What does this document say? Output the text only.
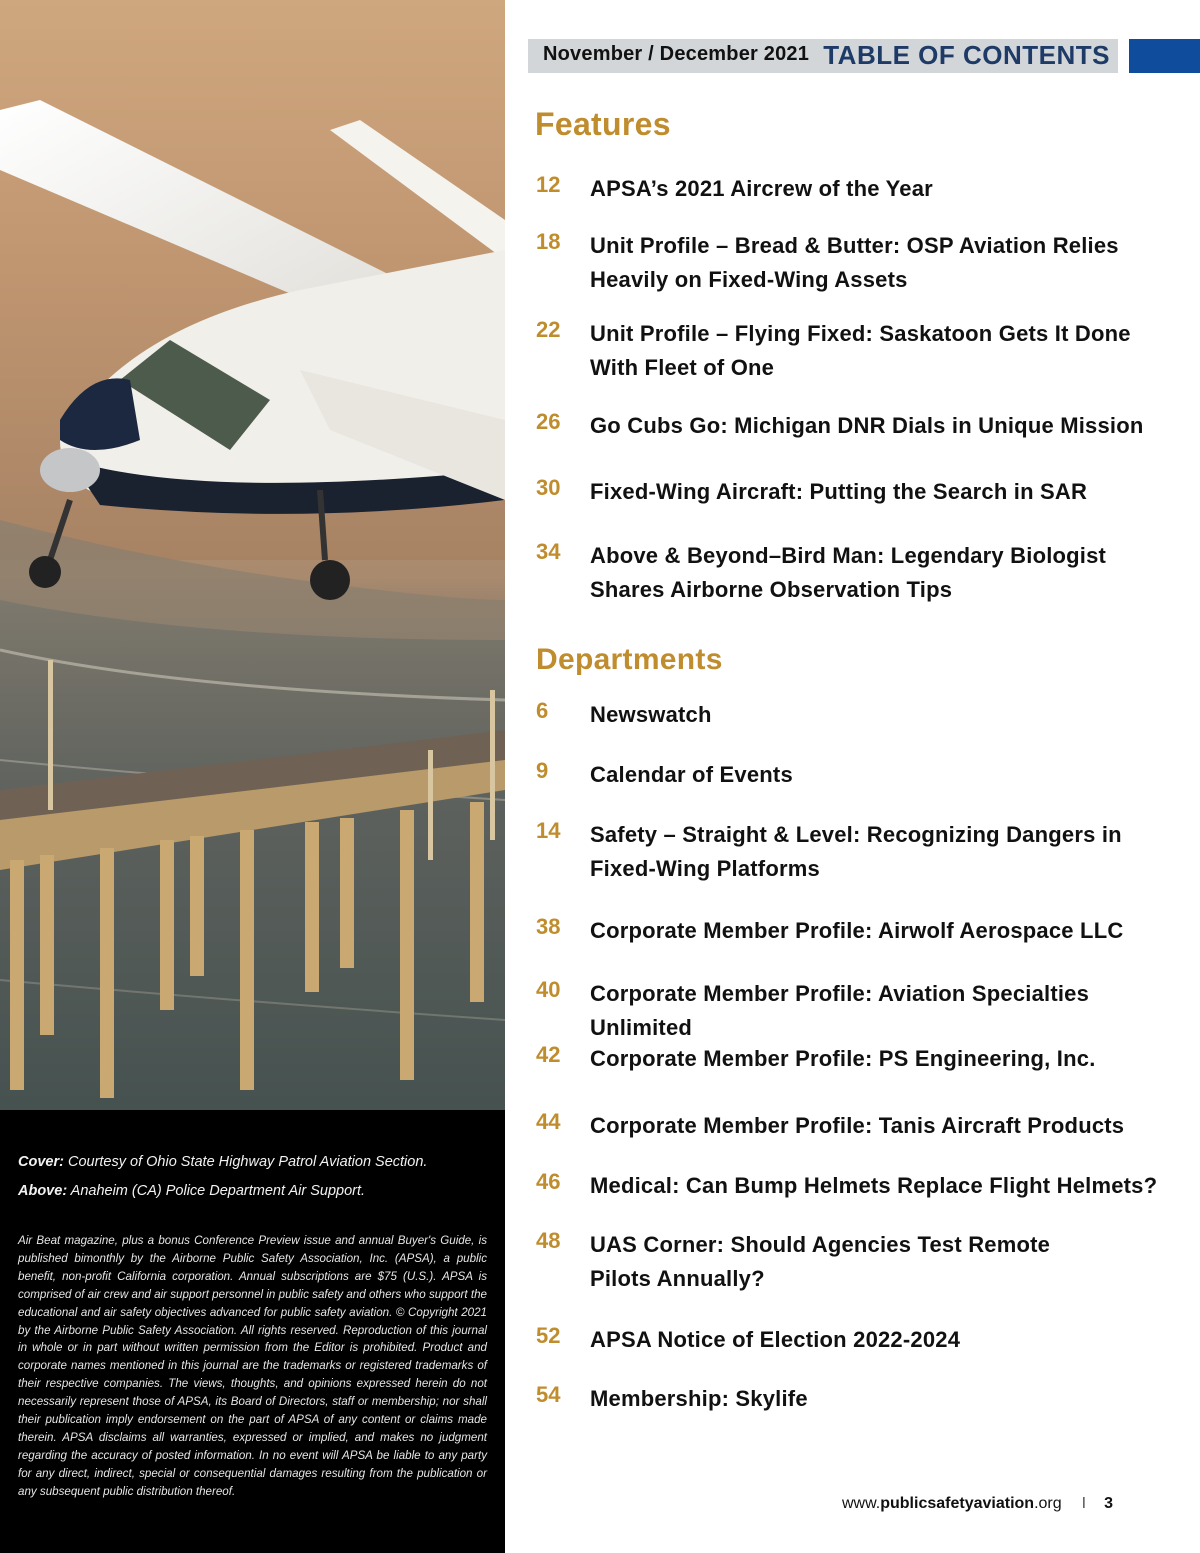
Cover: Courtesy of Ohio State Highway Patrol Aviation Section.
Above: Anaheim (CA) Police Department Air Support.
Air Beat magazine, plus a bonus Conference Preview issue and annual Buyer's Guide, is published bimonthly by the Airborne Public Safety Association, Inc. (APSA), a public benefit, non-profit California corporation. Annual subscriptions are $75 (U.S.). APSA is comprised of air crew and air support personnel in public safety and others who support the educational and air safety objectives advanced for public safety aviation. © Copyright 2021 by the Airborne Public Safety Association. All rights reserved. Reproduction of this journal in whole or in part without written permission from the Editor is prohibited. Product and corporate names mentioned in this journal are the trademarks or registered trademarks of their respective companies. The views, thoughts, and opinions expressed herein do not necessarily represent those of APSA, its Board of Directors, staff or membership; nor shall their publication imply endorsement on the part of APSA of any content or claims made therein. APSA disclaims all warranties, expressed or implied, and makes no judgment regarding the accuracy of posted information. In no event will APSA be liable to any party for any direct, indirect, special or consequential damages resulting from the publication or any subsequent public distribution thereof.
November / December 2021 TABLE OF CONTENTS
Features
12	APSA’s 2021 Aircrew of the Year
18	Unit Profile – Bread & Butter: OSP Aviation Relies
Heavily on Fixed-Wing Assets
22	Unit Profile – Flying Fixed: Saskatoon Gets It Done
With Fleet of One
26	Go Cubs Go: Michigan DNR Dials in Unique Mission
30	Fixed-Wing Aircraft: Putting the Search in SAR
34	Above & Beyond–Bird Man: Legendary Biologist
Shares Airborne Observation Tips
Departments
6	Newswatch
9	Calendar of Events
14	Safety – Straight & Level: Recognizing Dangers in
Fixed-Wing Platforms
38	Corporate Member Profile: Airwolf Aerospace LLC
40	Corporate Member Profile: Aviation Specialties Unlimited
42	Corporate Member Profile: PS Engineering, Inc.
44	Corporate Member Profile: Tanis Aircraft Products
46	Medical: Can Bump Helmets Replace Flight Helmets?
48	UAS Corner: Should Agencies Test Remote
Pilots Annually?
52	APSA Notice of Election 2022-2024
54	Membership: Skylife
www.publicsafetyaviation.org I 3
